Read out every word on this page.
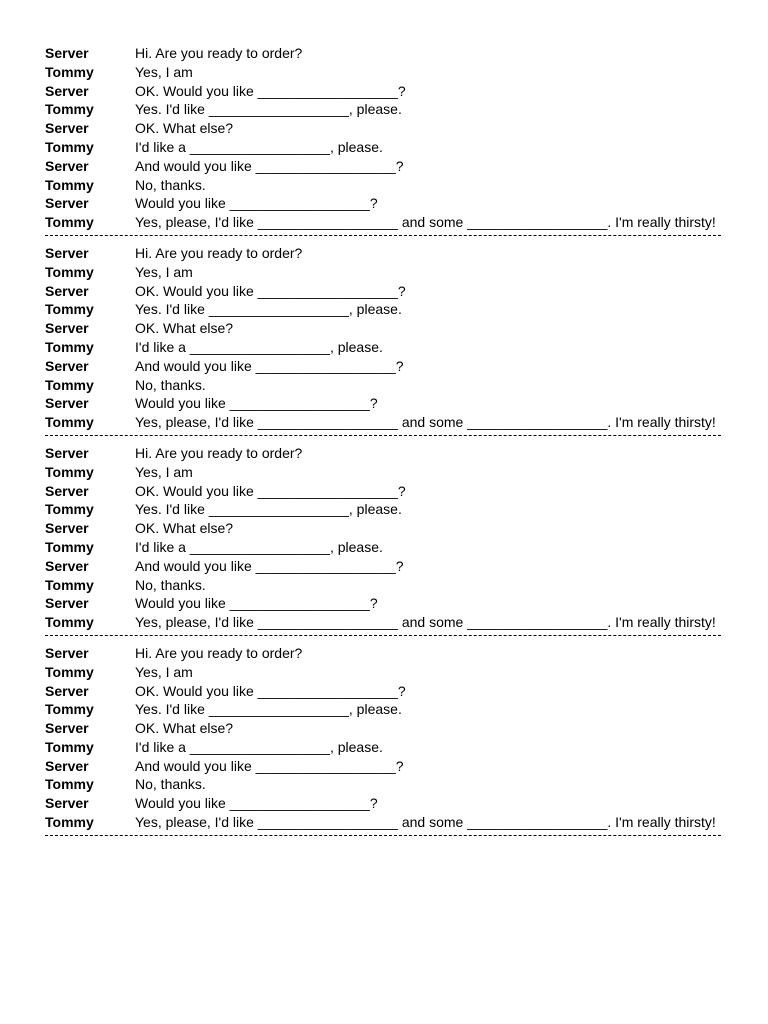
Server	Hi. Are you ready to order?
Tommy	Yes, I am
Server	OK. Would you like __________________?
Tommy	Yes. I'd like __________________, please.
Server	OK. What else?
Tommy	I'd like a __________________, please.
Server	And would you like __________________?
Tommy	No, thanks.
Server	Would you like __________________?
Tommy	Yes, please, I'd like __________________ and some __________________. I'm really thirsty!
Server	Hi. Are you ready to order?
Tommy	Yes, I am
Server	OK. Would you like __________________?
Tommy	Yes. I'd like __________________, please.
Server	OK. What else?
Tommy	I'd like a __________________, please.
Server	And would you like __________________?
Tommy	No, thanks.
Server	Would you like __________________?
Tommy	Yes, please, I'd like __________________ and some __________________. I'm really thirsty!
Server	Hi. Are you ready to order?
Tommy	Yes, I am
Server	OK. Would you like __________________?
Tommy	Yes. I'd like __________________, please.
Server	OK. What else?
Tommy	I'd like a __________________, please.
Server	And would you like __________________?
Tommy	No, thanks.
Server	Would you like __________________?
Tommy	Yes, please, I'd like __________________ and some __________________. I'm really thirsty!
Server	Hi. Are you ready to order?
Tommy	Yes, I am
Server	OK. Would you like __________________?
Tommy	Yes. I'd like __________________, please.
Server	OK. What else?
Tommy	I'd like a __________________, please.
Server	And would you like __________________?
Tommy	No, thanks.
Server	Would you like __________________?
Tommy	Yes, please, I'd like __________________ and some __________________. I'm really thirsty!
